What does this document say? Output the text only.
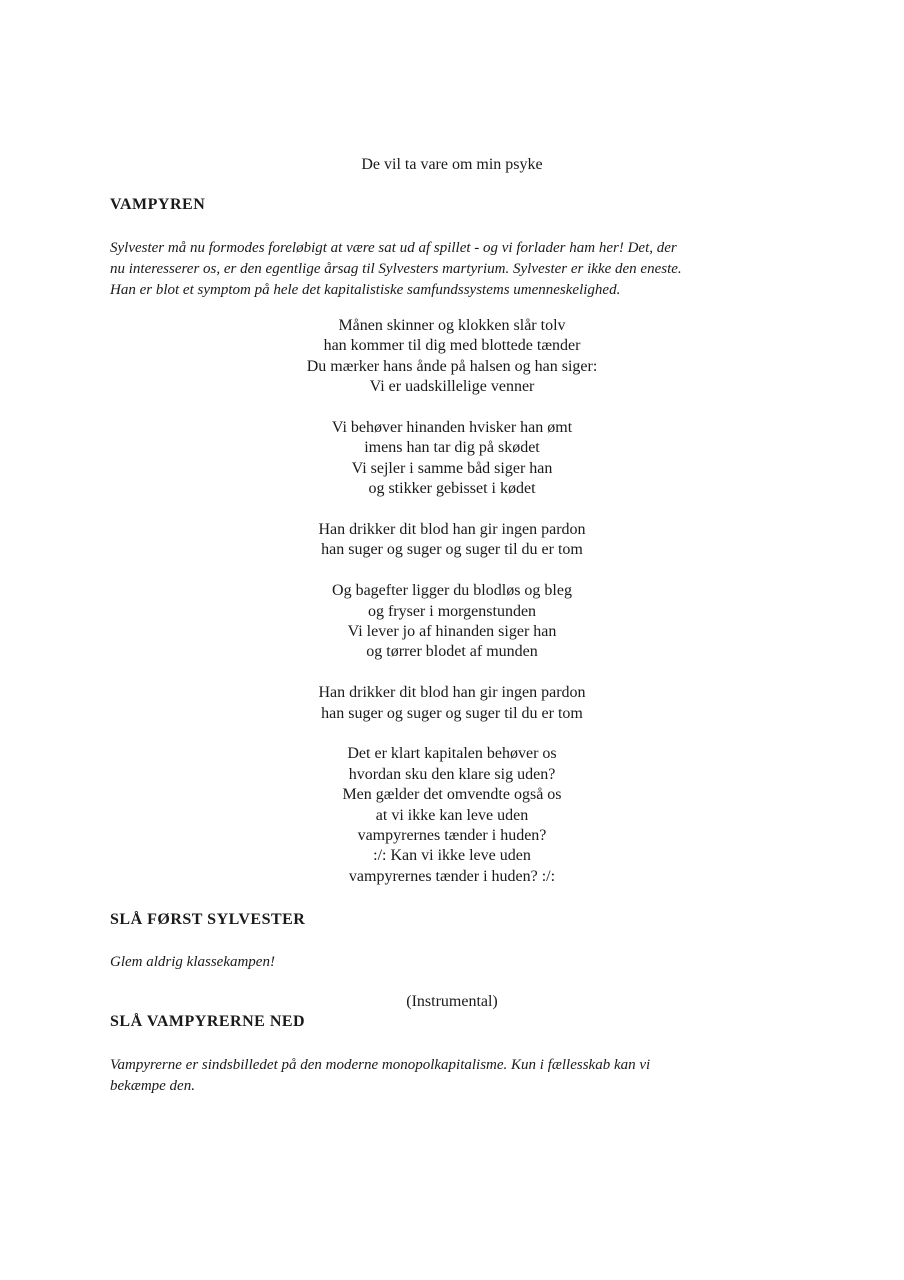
De vil ta vare om min psyke
VAMPYREN
Sylvester må nu formodes foreløbigt at være sat ud af spillet - og vi forlader ham her! Det, der
nu interesserer os, er den egentlige årsag til Sylvesters martyrium. Sylvester er ikke den eneste.
Han er blot et symptom på hele det kapitalistiske samfundssystems umenneskelighed.
Månen skinner og klokken slår tolv
han kommer til dig med blottede tænder
Du mærker hans ånde på halsen og han siger:
Vi er uadskillelige venner
Vi behøver hinanden hvisker han ømt
imens han tar dig på skødet
Vi sejler i samme båd siger han
og stikker gebisset i kødet
Han drikker dit blod han gir ingen pardon
han suger og suger og suger til du er tom
Og bagefter ligger du blodløs og bleg
og fryser i morgenstunden
Vi lever jo af hinanden siger han
og tørrer blodet af munden
Han drikker dit blod han gir ingen pardon
han suger og suger og suger til du er tom
Det er klart kapitalen behøver os
hvordan sku den klare sig uden?
Men gælder det omvendte også os
at vi ikke kan leve uden
vampyrernes tænder i huden?
:/: Kan vi ikke leve uden
vampyrernes tænder i huden? :/:
SLÅ FØRST SYLVESTER
Glem aldrig klassekampen!
(Instrumental)
SLÅ VAMPYRERNE NED
Vampyrerne er sindsbilledet på den moderne monopolkapitalisme. Kun i fællesskab kan vi
bekæmpe den.
